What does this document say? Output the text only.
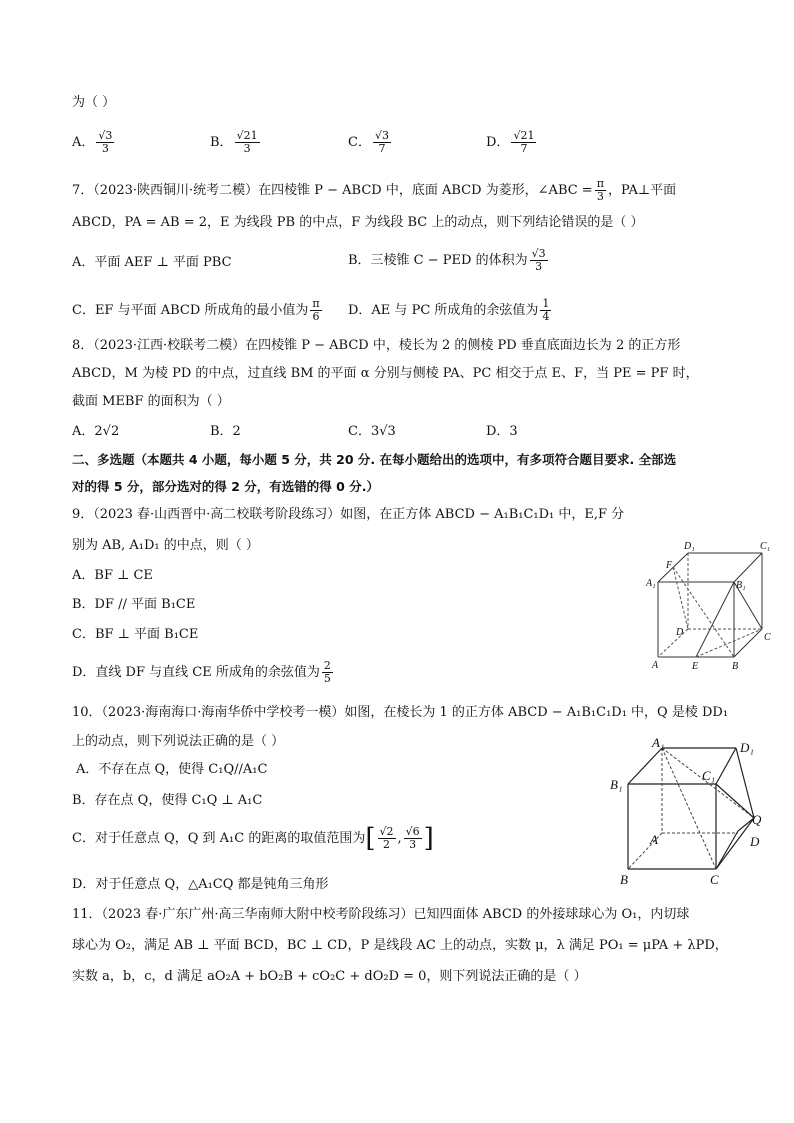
为（ ）
A． $\frac{√3}{3}$	B． $\frac{√21}{3}$	C． $\frac{√3}{7}$	D． $\frac{√21}{7}$
7．（2023·陕西铜川·统考二模）在四棱锥 P − ABCD 中，底面 ABCD 为菱形，∠ABC = $\frac{\pi}{3}$ ，PA⊥平面
ABCD，PA = AB = 2，E 为线段 PB 的中点，F 为线段 BC 上的动点，则下列结论错误的是（ ）
A．平面 AEF ⊥ 平面 PBC	B．三棱锥 C − PED 的体积为 $\frac{√3}{3}$
C．EF 与平面 ABCD 所成角的最小值为 $\frac{\pi}{6}$ D．AE 与 PC 所成角的余弦值为 $\frac{1}{4}$
8．（2023·江西·校联考二模）在四棱锥 P − ABCD 中，棱长为 2 的侧棱 PD 垂直底面边长为 2 的正方形
ABCD，M 为棱 PD 的中点，过直线 BM 的平面 α 分别与侧棱 PA、PC 相交于点 E、F，当 PE = PF 时，
截面 MEBF 的面积为（ ）
A．2√2	B．2	C．3√3	D．3
二、多选题（本题共 4 小题，每小题 5 分，共 20 分. 在每小题给出的选项中，有多项符合题目要求. 全部选
对的得 5 分，部分选对的得 2 分，有选错的得 0 分.）
9．（2023 春·山西晋中·高二校联考阶段练习）如图，在正方体 ABCD − A₁B₁C₁D₁ 中，E,F 分
别为 AB, A₁D₁ 的中点，则（ ）
A．BF ⊥ CE
B．DF // 平面 B₁CE
C．BF ⊥ 平面 B₁CE
D．直线 DF 与直线 CE 所成角的余弦值为 $\frac{2}{5}$
D₁	C₁
A₁
F
B₁
D	C
A	E	B
10．（2023·海南海口·海南华侨中学校考一模）如图，在棱长为 1 的正方体 ABCD − A₁B₁C₁D₁ 中，Q 是棱 DD₁
上的动点，则下列说法正确的是（ ）
A．不存在点 Q，使得 C₁Q//A₁C
B．存在点 Q，使得 C₁Q ⊥ A₁C
C．对于任意点 Q，Q 到 A₁C 的距离的取值范围为[ $\frac{√2}{2}$ , $\frac{√6}{3}$ ]
D．对于任意点 Q，△A₁CQ 都是钝角三角形
A₁	D₁
B₁
C₁
Q
A	D
B	C
11．（2023 春·广东广州·高三华南师大附中校考阶段练习）已知四面体 ABCD 的外接球球心为 O₁，内切球
球心为 O₂，满足 AB ⊥ 平面 BCD，BC ⊥ CD，P 是线段 AC 上的动点，实数 μ，λ 满足 PO₁ = μPA + λPD，
实数 a，b，c，d 满足 aO₂A + bO₂B + cO₂C + dO₂D = 0，则下列说法正确的是（ ）
